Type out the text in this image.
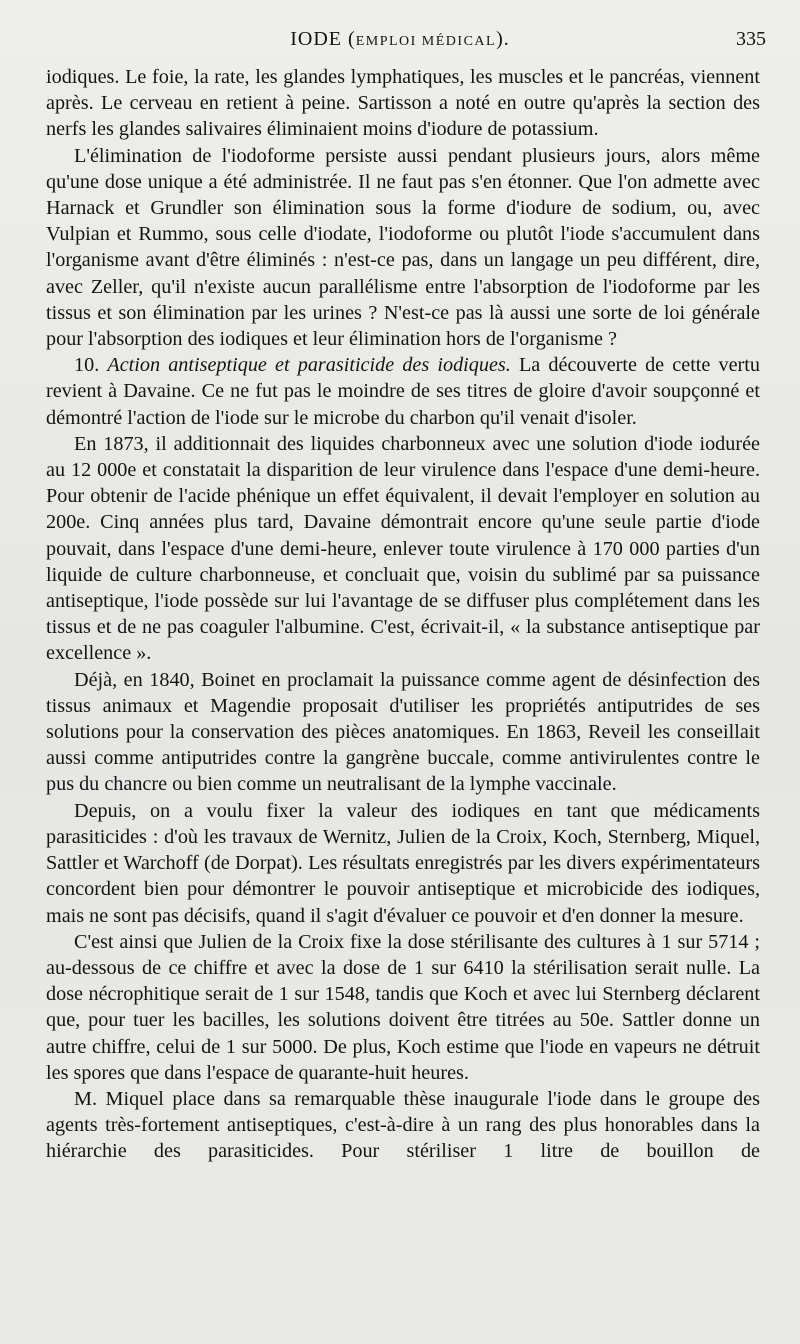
IODE (EMPLOI MÉDICAL).	335

iodiques. Le foie, la rate, les glandes lymphatiques, les muscles et le pancréas, viennent après. Le cerveau en retient à peine. Sartisson a noté en outre qu'après la section des nerfs les glandes salivaires éliminaient moins d'iodure de potassium.

L'élimination de l'iodoforme persiste aussi pendant plusieurs jours, alors même qu'une dose unique a été administrée. Il ne faut pas s'en étonner. Que l'on admette avec Harnack et Grundler son élimination sous la forme d'iodure de sodium, ou, avec Vulpian et Rummo, sous celle d'iodate, l'iodoforme ou plutôt l'iode s'accumulent dans l'organisme avant d'être éliminés : n'est-ce pas, dans un langage un peu différent, dire, avec Zeller, qu'il n'existe aucun parallélisme entre l'absorption de l'iodoforme par les tissus et son élimination par les urines ? N'est-ce pas là aussi une sorte de loi générale pour l'absorption des iodiques et leur élimination hors de l'organisme ?

10. Action antiseptique et parasiticide des iodiques. La découverte de cette vertu revient à Davaine. Ce ne fut pas le moindre de ses titres de gloire d'avoir soupçonné et démontré l'action de l'iode sur le microbe du charbon qu'il venait d'isoler.

En 1873, il additionnait des liquides charbonneux avec une solution d'iode iodurée au 12 000e et constatait la disparition de leur virulence dans l'espace d'une demi-heure. Pour obtenir de l'acide phénique un effet équivalent, il devait l'employer en solution au 200e. Cinq années plus tard, Davaine démontrait encore qu'une seule partie d'iode pouvait, dans l'espace d'une demi-heure, enlever toute virulence à 170 000 parties d'un liquide de culture charbonneuse, et concluait que, voisin du sublimé par sa puissance antiseptique, l'iode possède sur lui l'avantage de se diffuser plus complétement dans les tissus et de ne pas coaguler l'albumine. C'est, écrivait-il, « la substance antiseptique par excellence ».

Déjà, en 1840, Boinet en proclamait la puissance comme agent de désinfection des tissus animaux et Magendie proposait d'utiliser les propriétés antiputrides de ses solutions pour la conservation des pièces anatomiques. En 1863, Reveil les conseillait aussi comme antiputrides contre la gangrène buccale, comme antivirulentes contre le pus du chancre ou bien comme un neutralisant de la lymphe vaccinale.

Depuis, on a voulu fixer la valeur des iodiques en tant que médicaments parasiticides : d'où les travaux de Wernitz, Julien de la Croix, Koch, Sternberg, Miquel, Sattler et Warchoff (de Dorpat). Les résultats enregistrés par les divers expérimentateurs concordent bien pour démontrer le pouvoir antiseptique et microbicide des iodiques, mais ne sont pas décisifs, quand il s'agit d'évaluer ce pouvoir et d'en donner la mesure.

C'est ainsi que Julien de la Croix fixe la dose stérilisante des cultures à 1 sur 5714 ; au-dessous de ce chiffre et avec la dose de 1 sur 6410 la stérilisation serait nulle. La dose nécrophitique serait de 1 sur 1548, tandis que Koch et avec lui Sternberg déclarent que, pour tuer les bacilles, les solutions doivent être titrées au 50e. Sattler donne un autre chiffre, celui de 1 sur 5000. De plus, Koch estime que l'iode en vapeurs ne détruit les spores que dans l'espace de quarante-huit heures.

M. Miquel place dans sa remarquable thèse inaugurale l'iode dans le groupe des agents très-fortement antiseptiques, c'est-à-dire à un rang des plus honorables dans la hiérarchie des parasiticides. Pour stériliser 1 litre de bouillon de
